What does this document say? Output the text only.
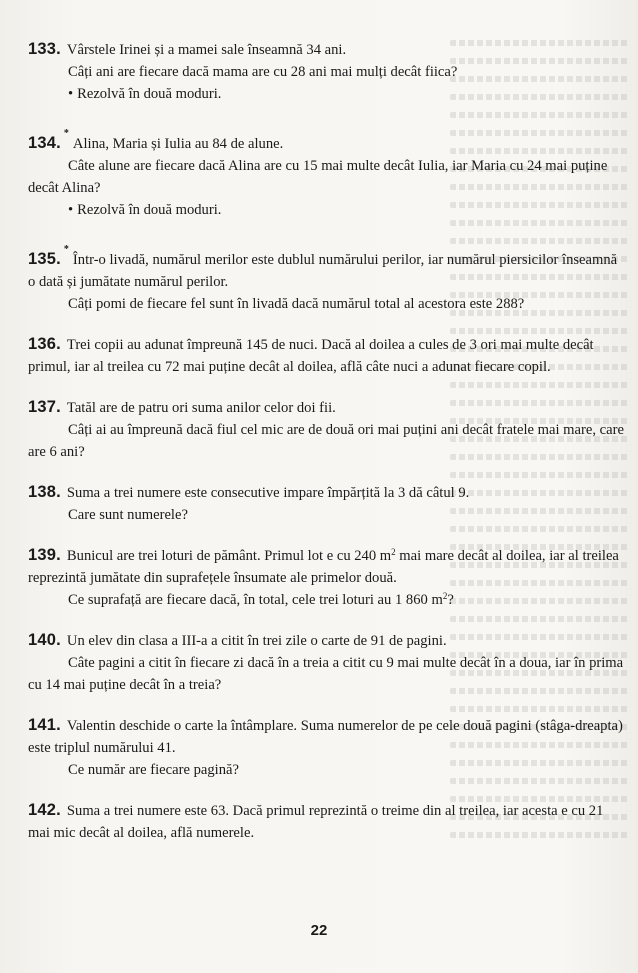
133. Vârstele Irinei și a mamei sale înseamnă 34 ani.
Câți ani are fiecare dacă mama are cu 28 ani mai mulți decât fiica?
• Rezolvă în două moduri.
134.*Alina, Maria și Iulia au 84 de alune.
Câte alune are fiecare dacă Alina are cu 15 mai multe decât Iulia, iar Maria cu 24 mai puține decât Alina?
• Rezolvă în două moduri.
135.*Într-o livadă, numărul merilor este dublul numărului perilor, iar numărul piersicilor înseamnă o dată și jumătate numărul perilor.
Câți pomi de fiecare fel sunt în livadă dacă numărul total al acestora este 288?
136. Trei copii au adunat împreună 145 de nuci. Dacă al doilea a cules de 3 ori mai multe decât primul, iar al treilea cu 72 mai puține decât al doilea, află câte nuci a adunat fiecare copil.
137. Tatăl are de patru ori suma anilor celor doi fii.
Câți ai au împreună dacă fiul cel mic are de două ori mai puțini ani decât fratele mai mare, care are 6 ani?
138. Suma a trei numere este consecutive impare împărțită la 3 dă câtul 9.
Care sunt numerele?
139. Bunicul are trei loturi de pământ. Primul lot e cu 240 $m^2$ mai mare decât al doilea, iar al treilea reprezintă jumătate din suprafețele însumate ale primelor două.
Ce suprafață are fiecare dacă, în total, cele trei loturi au 1 860 $m^2$?
140. Un elev din clasa a III-a a citit în trei zile o carte de 91 de pagini.
Câte pagini a citit în fiecare zi dacă în a treia a citit cu 9 mai multe decât în a doua, iar în prima cu 14 mai puține decât în a treia?
141. Valentin deschide o carte la întâmplare. Suma numerelor de pe cele două pagini (stâga-dreapta) este triplul numărului 41.
Ce număr are fiecare pagină?
142. Suma a trei numere este 63. Dacă primul reprezintă o treime din al treilea, iar acesta e cu 21 mai mic decât al doilea, află numerele.
22
